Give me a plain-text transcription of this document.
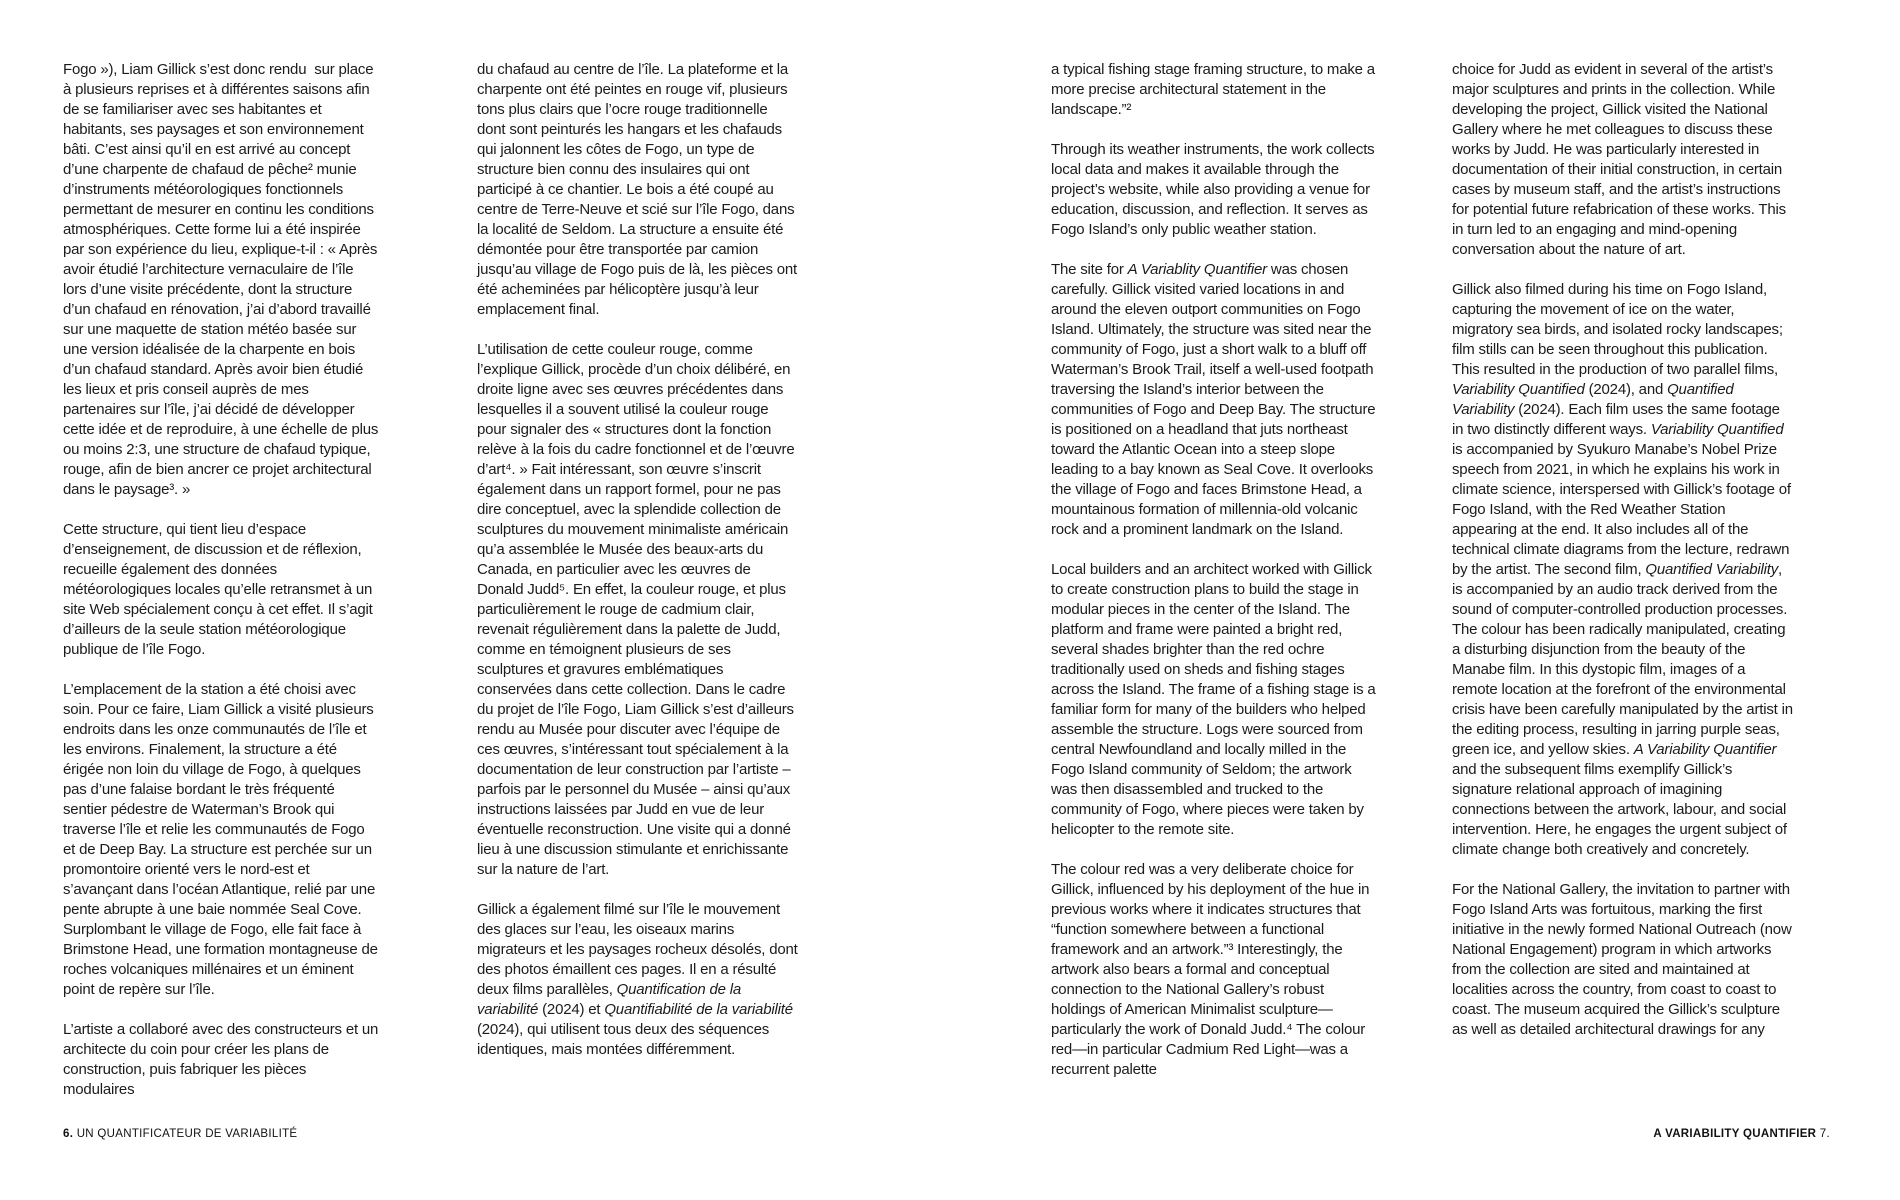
Fogo »), Liam Gillick s’est donc rendu  sur place à plusieurs reprises et à différentes saisons afin de se familiariser avec ses habitantes et habitants, ses paysages et son environnement bâti. C’est ainsi qu’il en est arrivé au concept d’une charpente de chafaud de pêche² munie d’instruments météorologiques fonctionnels permettant de mesurer en continu les conditions atmosphériques. Cette forme lui a été inspirée par son expérience du lieu, explique-t-il : « Après avoir étudié l’architecture vernaculaire de l’île lors d’une visite précédente, dont la structure d’un chafaud en rénovation, j’ai d’abord travaillé sur une maquette de station météo basée sur une version idéalisée de la charpente en bois d’un chafaud standard. Après avoir bien étudié les lieux et pris conseil auprès de mes partenaires sur l’île, j’ai décidé de développer cette idée et de reproduire, à une échelle de plus ou moins 2:3, une structure de chafaud typique, rouge, afin de bien ancrer ce projet architectural dans le paysage³. »

Cette structure, qui tient lieu d’espace d’enseignement, de discussion et de réflexion, recueille également des données météorologiques locales qu’elle retransmet à un site Web spécialement conçu à cet effet. Il s’agit d’ailleurs de la seule station météorologique publique de l’île Fogo.

L’emplacement de la station a été choisi avec soin. Pour ce faire, Liam Gillick a visité plusieurs endroits dans les onze communautés de l’île et les environs. Finalement, la structure a été érigée non loin du village de Fogo, à quelques pas d’une falaise bordant le très fréquenté sentier pédestre de Waterman’s Brook qui traverse l’île et relie les communautés de Fogo et de Deep Bay. La structure est perchée sur un promontoire orienté vers le nord-est et s’avançant dans l’océan Atlantique, relié par une pente abrupte à une baie nommée Seal Cove. Surplombant le village de Fogo, elle fait face à Brimstone Head, une formation montagneuse de roches volcaniques millénaires et un éminent point de repère sur l’île.

L’artiste a collaboré avec des constructeurs et un architecte du coin pour créer les plans de construction, puis fabriquer les pièces modulaires

du chafaud au centre de l’île. La plateforme et la charpente ont été peintes en rouge vif, plusieurs tons plus clairs que l’ocre rouge traditionnelle dont sont peinturés les hangars et les chafauds qui jalonnent les côtes de Fogo, un type de structure bien connu des insulaires qui ont participé à ce chantier. Le bois a été coupé au centre de Terre-Neuve et scié sur l’île Fogo, dans la localité de Seldom. La structure a ensuite été démontée pour être transportée par camion jusqu’au village de Fogo puis de là, les pièces ont été acheminées par hélicoptère jusqu’à leur emplacement final.

L’utilisation de cette couleur rouge, comme l’explique Gillick, procède d’un choix délibéré, en droite ligne avec ses œuvres précédentes dans lesquelles il a souvent utilisé la couleur rouge pour signaler des « structures dont la fonction relève à la fois du cadre fonctionnel et de l’œuvre d’art⁴. » Fait intéressant, son œuvre s’inscrit également dans un rapport formel, pour ne pas dire conceptuel, avec la splendide collection de sculptures du mouvement minimaliste américain qu’a assemblée le Musée des beaux-arts du Canada, en particulier avec les œuvres de Donald Judd⁵. En effet, la couleur rouge, et plus particulièrement le rouge de cadmium clair, revenait régulièrement dans la palette de Judd, comme en témoignent plusieurs de ses sculptures et gravures emblématiques conservées dans cette collection. Dans le cadre du projet de l’île Fogo, Liam Gillick s’est d’ailleurs rendu au Musée pour discuter avec l’équipe de ces œuvres, s’intéressant tout spécialement à la documentation de leur construction par l’artiste – parfois par le personnel du Musée – ainsi qu’aux instructions laissées par Judd en vue de leur éventuelle reconstruction. Une visite qui a donné lieu à une discussion stimulante et enrichissante sur la nature de l’art.

Gillick a également filmé sur l’île le mouvement des glaces sur l’eau, les oiseaux marins migrateurs et les paysages rocheux désolés, dont des photos émaillent ces pages. Il en a résulté deux films parallèles, Quantification de la variabilité (2024) et Quantifiabilité de la variabilité (2024), qui utilisent tous deux des séquences identiques, mais montées différemment.

a typical fishing stage framing structure, to make a more precise architectural statement in the landscape.”²

Through its weather instruments, the work collects local data and makes it available through the project’s website, while also providing a venue for education, discussion, and reflection. It serves as Fogo Island’s only public weather station.

The site for A Variablity Quantifier was chosen carefully. Gillick visited varied locations in and around the eleven outport communities on Fogo Island. Ultimately, the structure was sited near the community of Fogo, just a short walk to a bluff off Waterman’s Brook Trail, itself a well-used footpath traversing the Island’s interior between the communities of Fogo and Deep Bay. The structure is positioned on a headland that juts northeast toward the Atlantic Ocean into a steep slope leading to a bay known as Seal Cove. It overlooks the village of Fogo and faces Brimstone Head, a mountainous formation of millennia-old volcanic rock and a prominent landmark on the Island.

Local builders and an architect worked with Gillick to create construction plans to build the stage in modular pieces in the center of the Island. The platform and frame were painted a bright red, several shades brighter than the red ochre traditionally used on sheds and fishing stages across the Island. The frame of a fishing stage is a familiar form for many of the builders who helped assemble the structure. Logs were sourced from central Newfoundland and locally milled in the Fogo Island community of Seldom; the artwork was then disassembled and trucked to the community of Fogo, where pieces were taken by helicopter to the remote site.

The colour red was a very deliberate choice for Gillick, influenced by his deployment of the hue in previous works where it indicates structures that “function somewhere between a functional framework and an artwork.”³ Interestingly, the artwork also bears a formal and conceptual connection to the National Gallery’s robust holdings of American Minimalist sculpture—particularly the work of Donald Judd.⁴ The colour red—in particular Cadmium Red Light—was a recurrent palette

choice for Judd as evident in several of the artist’s major sculptures and prints in the collection. While developing the project, Gillick visited the National Gallery where he met colleagues to discuss these works by Judd. He was particularly interested in documentation of their initial construction, in certain cases by museum staff, and the artist’s instructions for potential future refabrication of these works. This in turn led to an engaging and mind-opening conversation about the nature of art.

Gillick also filmed during his time on Fogo Island, capturing the movement of ice on the water, migratory sea birds, and isolated rocky landscapes; film stills can be seen throughout this publication. This resulted in the production of two parallel films, Variability Quantified (2024), and Quantified Variability (2024). Each film uses the same footage in two distinctly different ways. Variability Quantified is accompanied by Syukuro Manabe’s Nobel Prize speech from 2021, in which he explains his work in climate science, interspersed with Gillick’s footage of Fogo Island, with the Red Weather Station appearing at the end. It also includes all of the technical climate diagrams from the lecture, redrawn by the artist. The second film, Quantified Variability, is accompanied by an audio track derived from the sound of computer-controlled production processes. The colour has been radically manipulated, creating a disturbing disjunction from the beauty of the Manabe film. In this dystopic film, images of a remote location at the forefront of the environmental crisis have been carefully manipulated by the artist in the editing process, resulting in jarring purple seas, green ice, and yellow skies. A Variability Quantifier and the subsequent films exemplify Gillick’s signature relational approach of imagining connections between the artwork, labour, and social intervention. Here, he engages the urgent subject of climate change both creatively and concretely.

For the National Gallery, the invitation to partner with Fogo Island Arts was fortuitous, marking the first initiative in the newly formed National Outreach (now National Engagement) program in which artworks from the collection are sited and maintained at localities across the country, from coast to coast to coast. The museum acquired the Gillick’s sculpture as well as detailed architectural drawings for any

6. UN QUANTIFICATEUR DE VARIABILITÉ	A VARIABILITY QUANTIFIER 7.
